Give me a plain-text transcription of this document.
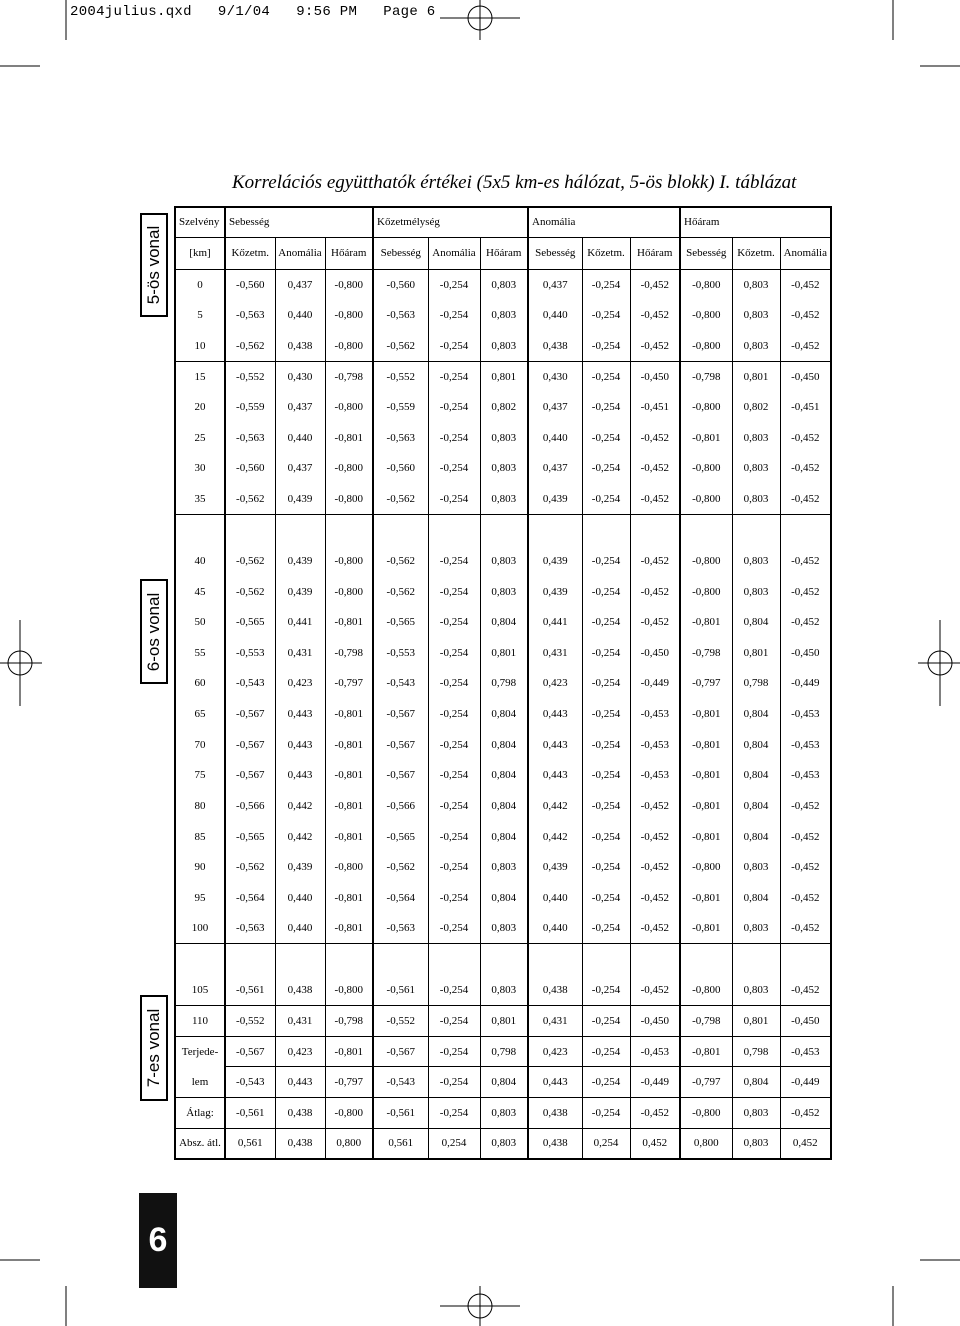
2004julius.qxd   9/1/04   9:56 PM   Page 6
Korrelációs együtthatók értékei (5x5 km-es hálózat, 5-ös blokk) I. táblázat
5-ös vonal
6-os vonal
7-es vonal
6
Szelvény	Sebesség			Kőzetmélység			Anomália			Hőáram		
[km]	Kőzetm.	Anomália	Hőáram	Sebesség	Anomália	Hőáram	Sebesség	Kőzetm.	Hőáram	Sebesség	Kőzetm.	Anomália
0	-0,560	0,437	-0,800	-0,560	-0,254	0,803	0,437	-0,254	-0,452	-0,800	0,803	-0,452
5	-0,563	0,440	-0,800	-0,563	-0,254	0,803	0,440	-0,254	-0,452	-0,800	0,803	-0,452
10	-0,562	0,438	-0,800	-0,562	-0,254	0,803	0,438	-0,254	-0,452	-0,800	0,803	-0,452
15	-0,552	0,430	-0,798	-0,552	-0,254	0,801	0,430	-0,254	-0,450	-0,798	0,801	-0,450
20	-0,559	0,437	-0,800	-0,559	-0,254	0,802	0,437	-0,254	-0,451	-0,800	0,802	-0,451
25	-0,563	0,440	-0,801	-0,563	-0,254	0,803	0,440	-0,254	-0,452	-0,801	0,803	-0,452
30	-0,560	0,437	-0,800	-0,560	-0,254	0,803	0,437	-0,254	-0,452	-0,800	0,803	-0,452
35	-0,562	0,439	-0,800	-0,562	-0,254	0,803	0,439	-0,254	-0,452	-0,800	0,803	-0,452

40	-0,562	0,439	-0,800	-0,562	-0,254	0,803	0,439	-0,254	-0,452	-0,800	0,803	-0,452
45	-0,562	0,439	-0,800	-0,562	-0,254	0,803	0,439	-0,254	-0,452	-0,800	0,803	-0,452
50	-0,565	0,441	-0,801	-0,565	-0,254	0,804	0,441	-0,254	-0,452	-0,801	0,804	-0,452
55	-0,553	0,431	-0,798	-0,553	-0,254	0,801	0,431	-0,254	-0,450	-0,798	0,801	-0,450
60	-0,543	0,423	-0,797	-0,543	-0,254	0,798	0,423	-0,254	-0,449	-0,797	0,798	-0,449
65	-0,567	0,443	-0,801	-0,567	-0,254	0,804	0,443	-0,254	-0,453	-0,801	0,804	-0,453
70	-0,567	0,443	-0,801	-0,567	-0,254	0,804	0,443	-0,254	-0,453	-0,801	0,804	-0,453
75	-0,567	0,443	-0,801	-0,567	-0,254	0,804	0,443	-0,254	-0,453	-0,801	0,804	-0,453
80	-0,566	0,442	-0,801	-0,566	-0,254	0,804	0,442	-0,254	-0,452	-0,801	0,804	-0,452
85	-0,565	0,442	-0,801	-0,565	-0,254	0,804	0,442	-0,254	-0,452	-0,801	0,804	-0,452
90	-0,562	0,439	-0,800	-0,562	-0,254	0,803	0,439	-0,254	-0,452	-0,800	0,803	-0,452
95	-0,564	0,440	-0,801	-0,564	-0,254	0,804	0,440	-0,254	-0,452	-0,801	0,804	-0,452
100	-0,563	0,440	-0,801	-0,563	-0,254	0,803	0,440	-0,254	-0,452	-0,801	0,803	-0,452

105	-0,561	0,438	-0,800	-0,561	-0,254	0,803	0,438	-0,254	-0,452	-0,800	0,803	-0,452
110	-0,552	0,431	-0,798	-0,552	-0,254	0,801	0,431	-0,254	-0,450	-0,798	0,801	-0,450
Terjede-	-0,567	0,423	-0,801	-0,567	-0,254	0,798	0,423	-0,254	-0,453	-0,801	0,798	-0,453
lem	-0,543	0,443	-0,797	-0,543	-0,254	0,804	0,443	-0,254	-0,449	-0,797	0,804	-0,449
Átlag:	-0,561	0,438	-0,800	-0,561	-0,254	0,803	0,438	-0,254	-0,452	-0,800	0,803	-0,452
Absz. átl.	0,561	0,438	0,800	0,561	0,254	0,803	0,438	0,254	0,452	0,800	0,803	0,452
